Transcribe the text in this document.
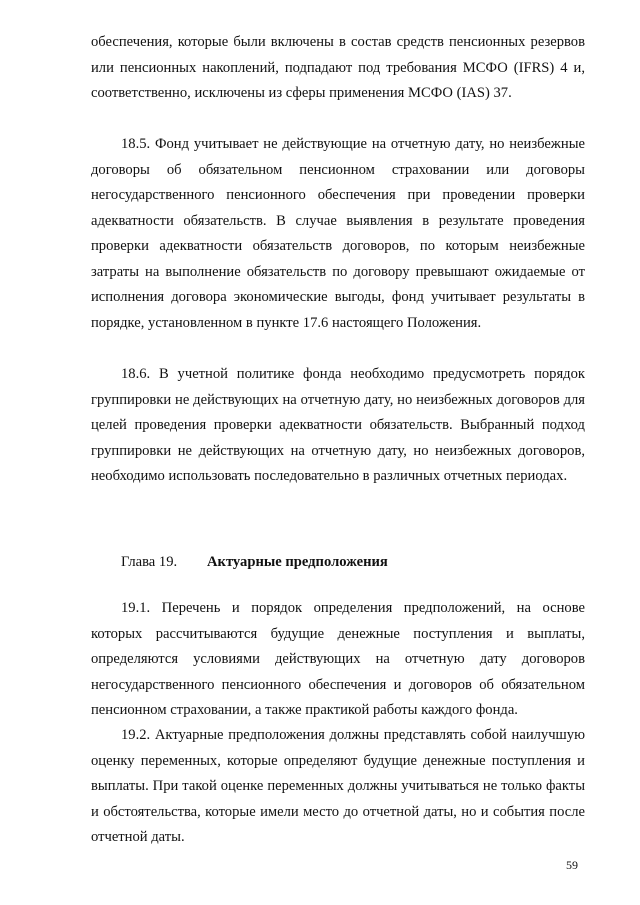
обеспечения, которые были включены в состав средств пенсионных резервов или пенсионных накоплений, подпадают под требования МСФО (IFRS) 4 и, соответственно, исключены из сферы применения МСФО (IAS) 37.

18.5. Фонд учитывает не действующие на отчетную дату, но неизбежные договоры об обязательном пенсионном страховании или договоры негосударственного пенсионного обеспечения при проведении проверки адекватности обязательств. В случае выявления в результате проведения проверки адекватности обязательств договоров, по которым неизбежные затраты на выполнение обязательств по договору превышают ожидаемые от исполнения договора экономические выгоды, фонд учитывает результаты в порядке, установленном в пункте 17.6 настоящего Положения.

18.6. В учетной политике фонда необходимо предусмотреть порядок группировки не действующих на отчетную дату, но неизбежных договоров для целей проведения проверки адекватности обязательств. Выбранный подход группировки не действующих на отчетную дату, но неизбежных договоров, необходимо использовать последовательно в различных отчетных периодах.

Глава 19. Актуарные предположения

19.1. Перечень и порядок определения предположений, на основе которых рассчитываются будущие денежные поступления и выплаты, определяются условиями действующих на отчетную дату договоров негосударственного пенсионного обеспечения и договоров об обязательном пенсионном страховании, а также практикой работы каждого фонда.

19.2. Актуарные предположения должны представлять собой наилучшую оценку переменных, которые определяют будущие денежные поступления и выплаты. При такой оценке переменных должны учитываться не только факты и обстоятельства, которые имели место до отчетной даты, но и события после отчетной даты.

59
